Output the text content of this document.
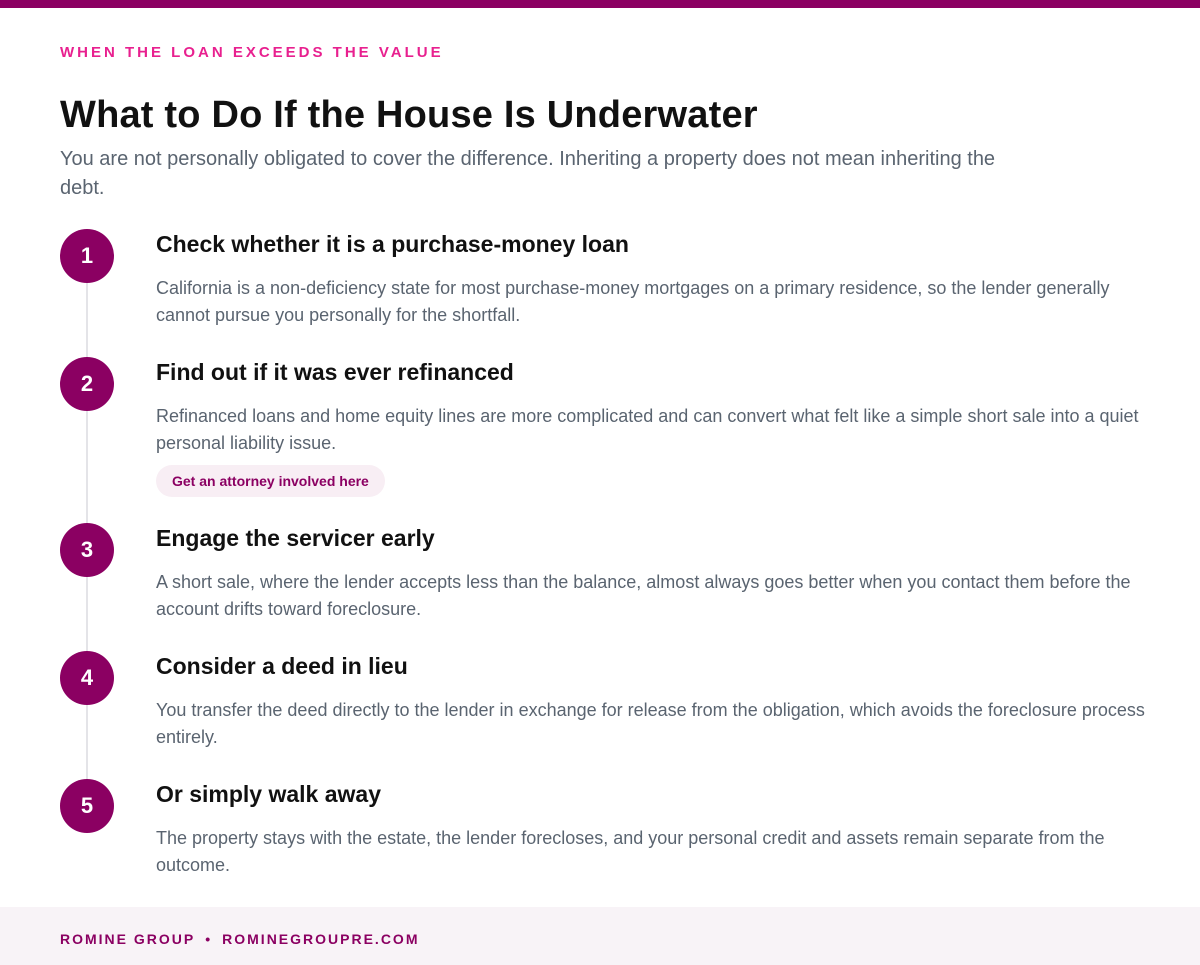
WHEN THE LOAN EXCEEDS THE VALUE
What to Do If the House Is Underwater

You are not personally obligated to cover the difference. Inheriting a property does not mean inheriting the debt.

1	Check whether it is a purchase-money loan
California is a non-deficiency state for most purchase-money mortgages on a primary residence, so the lender generally cannot pursue you personally for the shortfall.
2	Find out if it was ever refinanced
Refinanced loans and home equity lines are more complicated and can convert what felt like a simple short sale into a quiet personal liability issue.
Get an attorney involved here
3	Engage the servicer early
A short sale, where the lender accepts less than the balance, almost always goes better when you contact them before the account drifts toward foreclosure.
4	Consider a deed in lieu
You transfer the deed directly to the lender in exchange for release from the obligation, which avoids the foreclosure process entirely.
5	Or simply walk away
The property stays with the estate, the lender forecloses, and your personal credit and assets remain separate from the outcome.
ROMINE GROUP • ROMINEGROUPRE.COM
